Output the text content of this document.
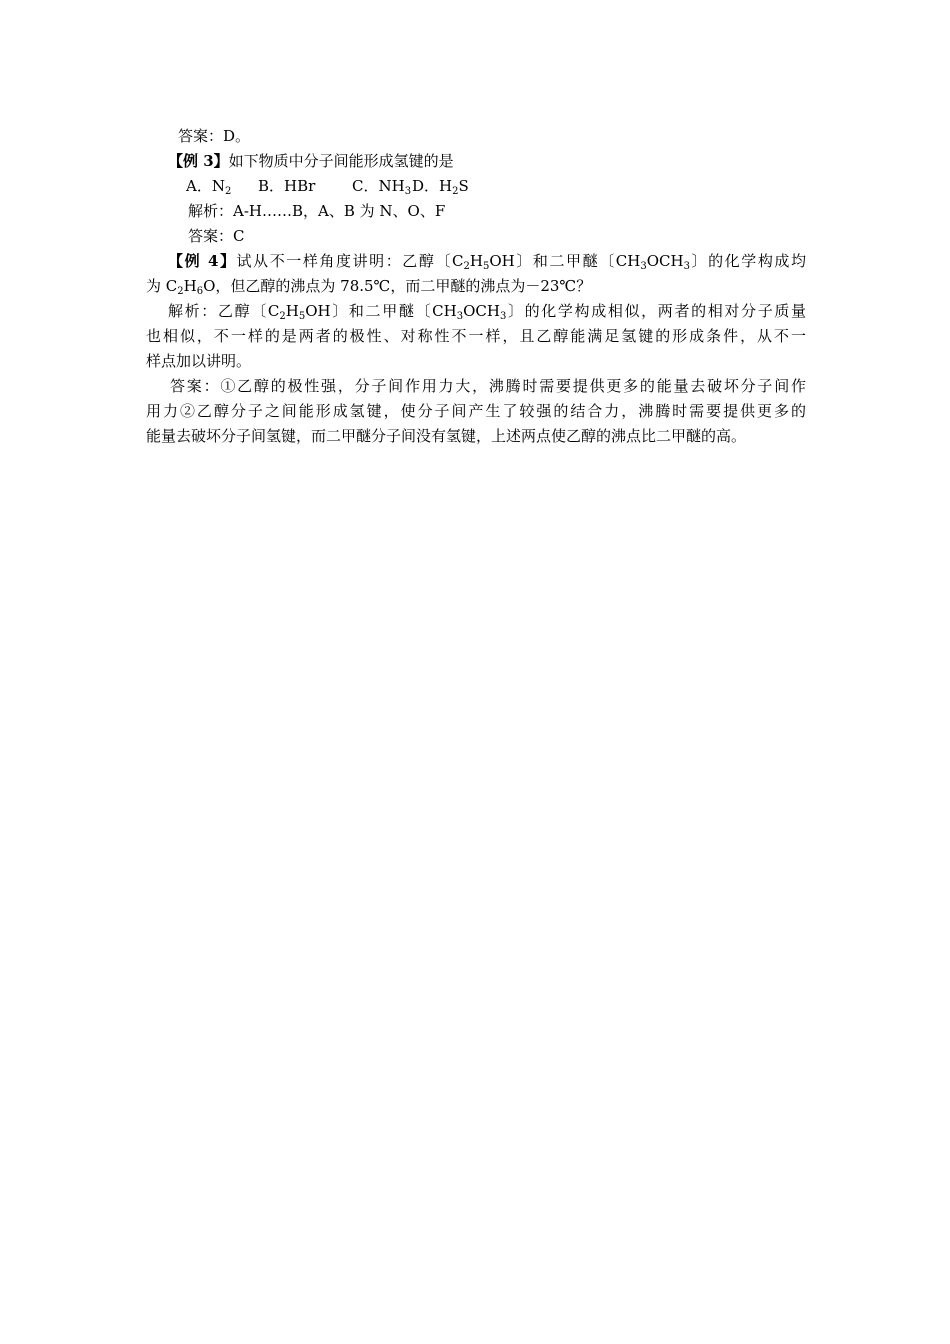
答案：D。
【例 3】如下物质中分子间能形成氢键的是
A．$N_2$ B．HBr C．$NH_3D$．$H_2S$
解析：A-H……B，A、B 为 N、O、F
答案：C
【例 4】试从不一样角度讲明：乙醇〔$C_2H_5OH$〕和二甲醚〔$CH_3OCH_3$〕的化学构成均
为 $C_2H_6O$，但乙醇的沸点为 78.5℃，而二甲醚的沸点为－23℃？
解析：乙醇〔$C_2H_5OH$〕和二甲醚〔$CH_3OCH_3$〕的化学构成相似，两者的相对分子质量
也相似，不一样的是两者的极性、对称性不一样，且乙醇能满足氢键的形成条件，从不一
样点加以讲明。
答案：①乙醇的极性强，分子间作用力大，沸腾时需要提供更多的能量去破坏分子间作
用力②乙醇分子之间能形成氢键，使分子间产生了较强的结合力，沸腾时需要提供更多的
能量去破坏分子间氢键，而二甲醚分子间没有氢键，上述两点使乙醇的沸点比二甲醚的高。
